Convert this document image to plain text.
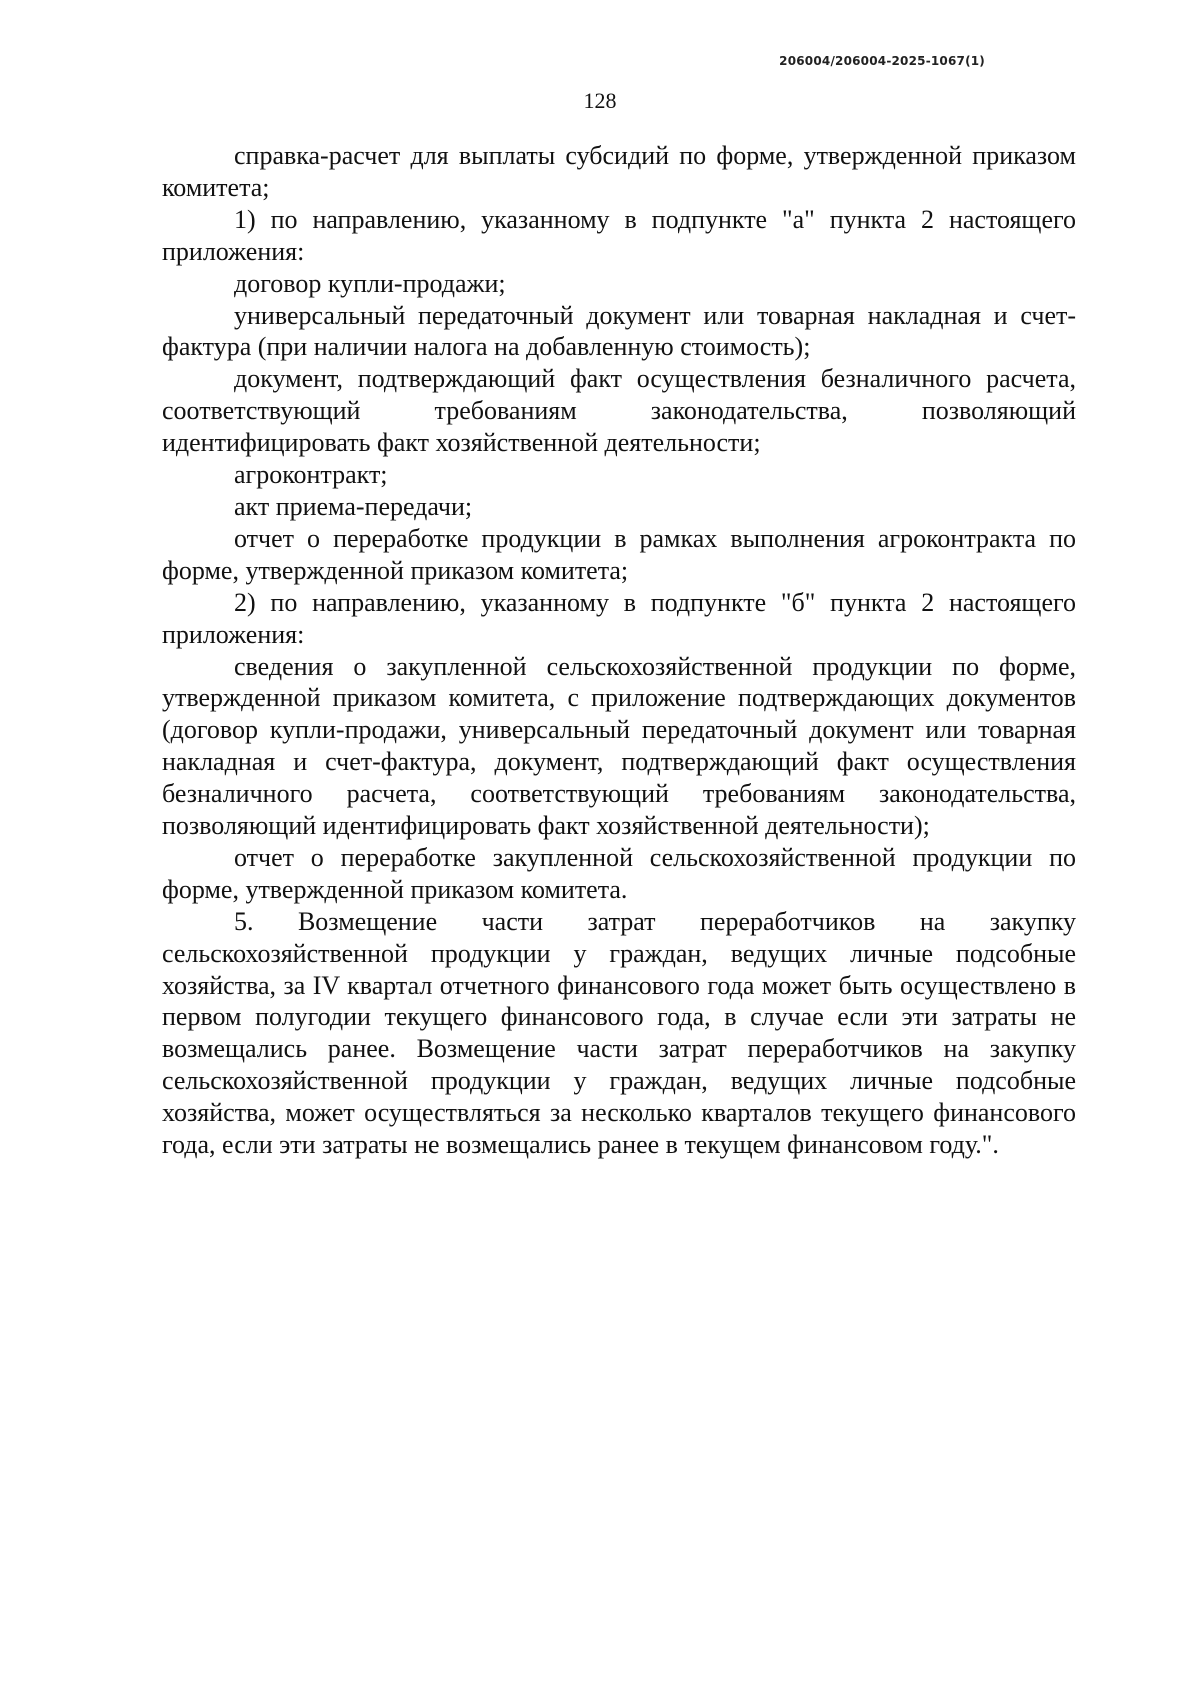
206004/206004-2025-1067(1)
128

справка-расчет для выплаты субсидий по форме, утвержденной приказом комитета;

1) по направлению, указанному в подпункте "а" пункта 2 настоящего приложения:

договор купли-продажи;

универсальный передаточный документ или товарная накладная и счет-фактура (при наличии налога на добавленную стоимость);

документ, подтверждающий факт осуществления безналичного расчета, соответствующий требованиям законодательства, позволяющий идентифицировать факт хозяйственной деятельности;

агроконтракт;

акт приема-передачи;

отчет о переработке продукции в рамках выполнения агроконтракта по форме, утвержденной приказом комитета;

2) по направлению, указанному в подпункте "б" пункта 2 настоящего приложения:

сведения о закупленной сельскохозяйственной продукции по форме, утвержденной приказом комитета, с приложение подтверждающих документов (договор купли-продажи, универсальный передаточный документ или товарная накладная и счет-фактура, документ, подтверждающий факт осуществления безналичного расчета, соответствующий требованиям законодательства, позволяющий идентифицировать факт хозяйственной деятельности);

отчет о переработке закупленной сельскохозяйственной продукции по форме, утвержденной приказом комитета.

5. Возмещение части затрат переработчиков на закупку сельскохозяйственной продукции у граждан, ведущих личные подсобные хозяйства, за IV квартал отчетного финансового года может быть осуществлено в первом полугодии текущего финансового года, в случае если эти затраты не возмещались ранее. Возмещение части затрат переработчиков на закупку сельскохозяйственной продукции у граждан, ведущих личные подсобные хозяйства, может осуществляться за несколько кварталов текущего финансового года, если эти затраты не возмещались ранее в текущем финансовом году.".
